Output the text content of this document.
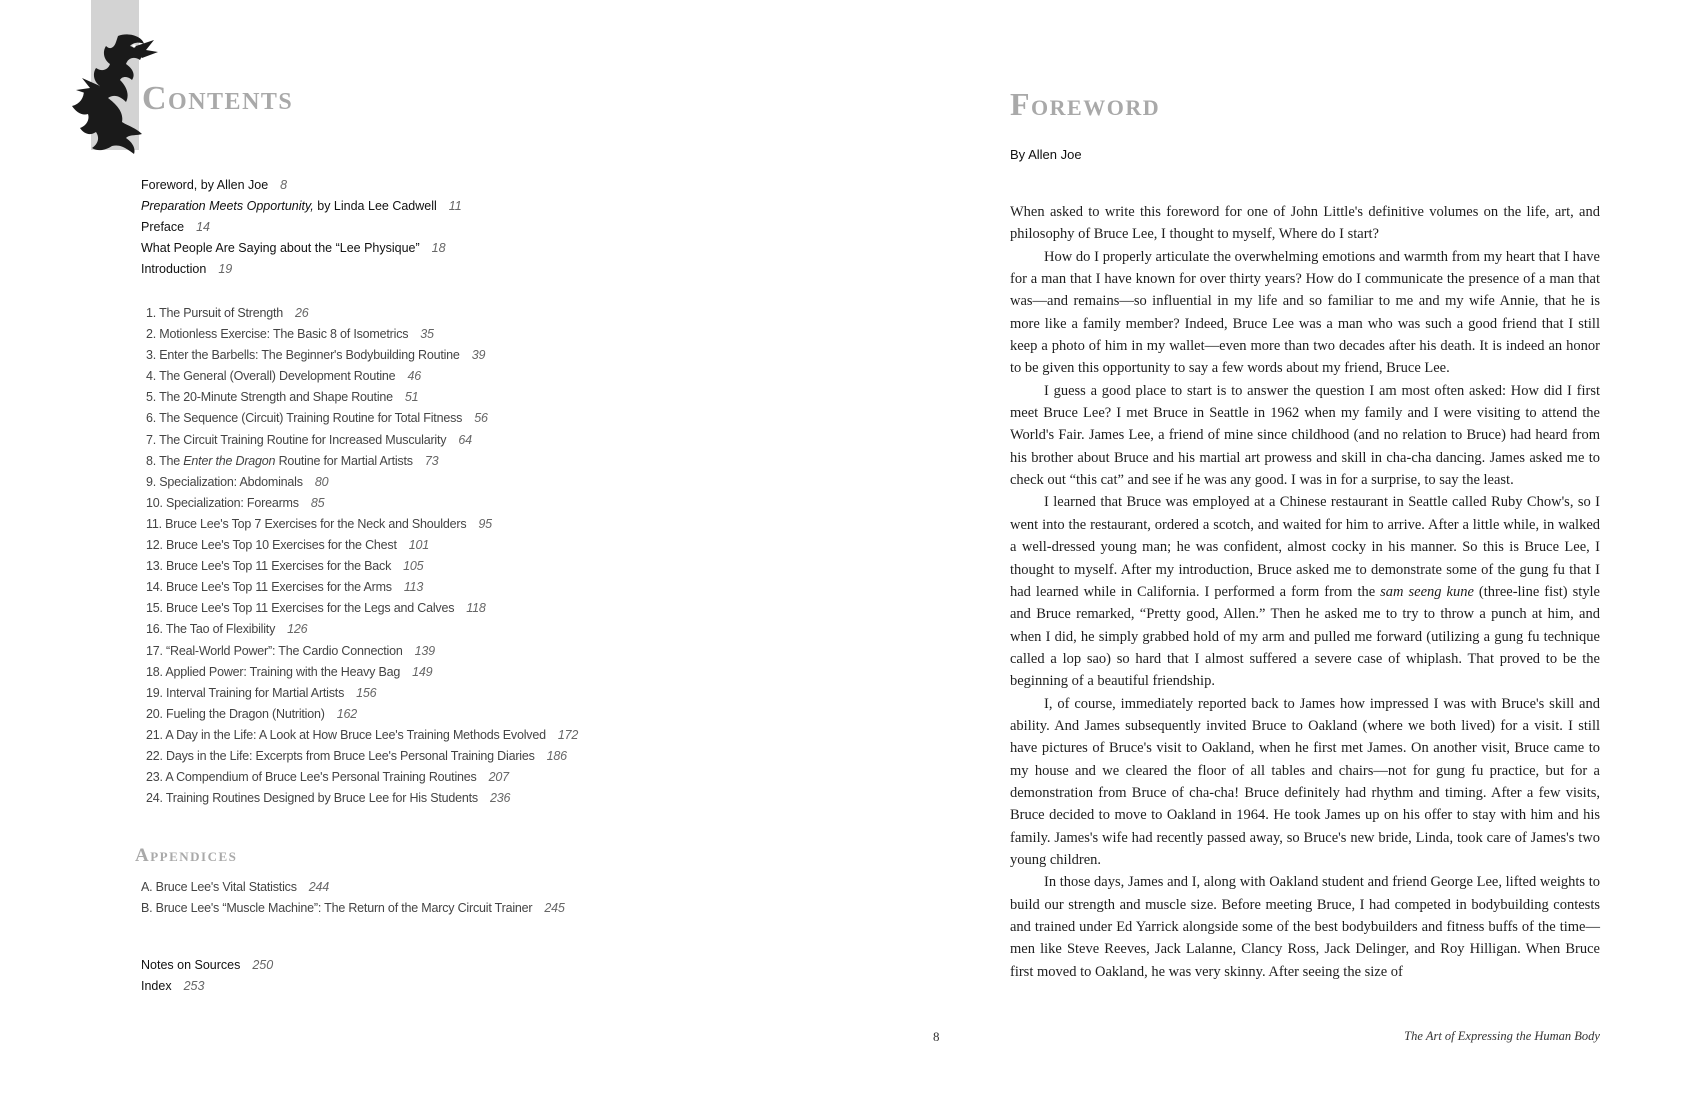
Contents
Foreword, by Allen Joe 8
Preparation Meets Opportunity, by Linda Lee Cadwell 11
Preface 14
What People Are Saying about the “Lee Physique” 18
Introduction 19
1. The Pursuit of Strength 26
2. Motionless Exercise: The Basic 8 of Isometrics 35
3. Enter the Barbells: The Beginner's Bodybuilding Routine 39
4. The General (Overall) Development Routine 46
5. The 20-Minute Strength and Shape Routine 51
6. The Sequence (Circuit) Training Routine for Total Fitness 56
7. The Circuit Training Routine for Increased Muscularity 64
8. The Enter the Dragon Routine for Martial Artists 73
9. Specialization: Abdominals 80
10. Specialization: Forearms 85
11. Bruce Lee's Top 7 Exercises for the Neck and Shoulders 95
12. Bruce Lee's Top 10 Exercises for the Chest 101
13. Bruce Lee's Top 11 Exercises for the Back 105
14. Bruce Lee's Top 11 Exercises for the Arms 113
15. Bruce Lee's Top 11 Exercises for the Legs and Calves 118
16. The Tao of Flexibility 126
17. “Real-World Power”: The Cardio Connection 139
18. Applied Power: Training with the Heavy Bag 149
19. Interval Training for Martial Artists 156
20. Fueling the Dragon (Nutrition) 162
21. A Day in the Life: A Look at How Bruce Lee's Training Methods Evolved 172
22. Days in the Life: Excerpts from Bruce Lee's Personal Training Diaries 186
23. A Compendium of Bruce Lee's Personal Training Routines 207
24. Training Routines Designed by Bruce Lee for His Students 236
Appendices
A. Bruce Lee's Vital Statistics 244
B. Bruce Lee's “Muscle Machine”: The Return of the Marcy Circuit Trainer 245
Notes on Sources 250
Index 253
Foreword
By Allen Joe

When asked to write this foreword for one of John Little's definitive volumes on the life, art, and philosophy of Bruce Lee, I thought to myself, Where do I start?

How do I properly articulate the overwhelming emotions and warmth from my heart that I have for a man that I have known for over thirty years? How do I communicate the presence of a man that was—and remains—so influential in my life and so familiar to me and my wife Annie, that he is more like a family member? Indeed, Bruce Lee was a man who was such a good friend that I still keep a photo of him in my wallet—even more than two decades after his death. It is indeed an honor to be given this opportunity to say a few words about my friend, Bruce Lee.

I guess a good place to start is to answer the question I am most often asked: How did I first meet Bruce Lee? I met Bruce in Seattle in 1962 when my family and I were visiting to attend the World's Fair. James Lee, a friend of mine since childhood (and no relation to Bruce) had heard from his brother about Bruce and his martial art prowess and skill in cha-cha dancing. James asked me to check out “this cat” and see if he was any good. I was in for a surprise, to say the least.

I learned that Bruce was employed at a Chinese restaurant in Seattle called Ruby Chow's, so I went into the restaurant, ordered a scotch, and waited for him to arrive. After a little while, in walked a well-dressed young man; he was confident, almost cocky in his manner. So this is Bruce Lee, I thought to myself. After my introduction, Bruce asked me to demonstrate some of the gung fu that I had learned while in California. I performed a form from the sam seeng kune (three-line fist) style and Bruce remarked, “Pretty good, Allen.” Then he asked me to try to throw a punch at him, and when I did, he simply grabbed hold of my arm and pulled me forward (utilizing a gung fu technique called a lop sao) so hard that I almost suffered a severe case of whiplash. That proved to be the beginning of a beautiful friendship.

I, of course, immediately reported back to James how impressed I was with Bruce's skill and ability. And James subsequently invited Bruce to Oakland (where we both lived) for a visit. I still have pictures of Bruce's visit to Oakland, when he first met James. On another visit, Bruce came to my house and we cleared the floor of all tables and chairs—not for gung fu practice, but for a demonstration from Bruce of cha-cha! Bruce definitely had rhythm and timing. After a few visits, Bruce decided to move to Oakland in 1964. He took James up on his offer to stay with him and his family. James's wife had recently passed away, so Bruce's new bride, Linda, took care of James's two young children.

In those days, James and I, along with Oakland student and friend George Lee, lifted weights to build our strength and muscle size. Before meeting Bruce, I had competed in bodybuilding contests and trained under Ed Yarrick alongside some of the best bodybuilders and fitness buffs of the time—men like Steve Reeves, Jack Lalanne, Clancy Ross, Jack Delinger, and Roy Hilligan. When Bruce first moved to Oakland, he was very skinny. After seeing the size of

8	The Art of Expressing the Human Body
